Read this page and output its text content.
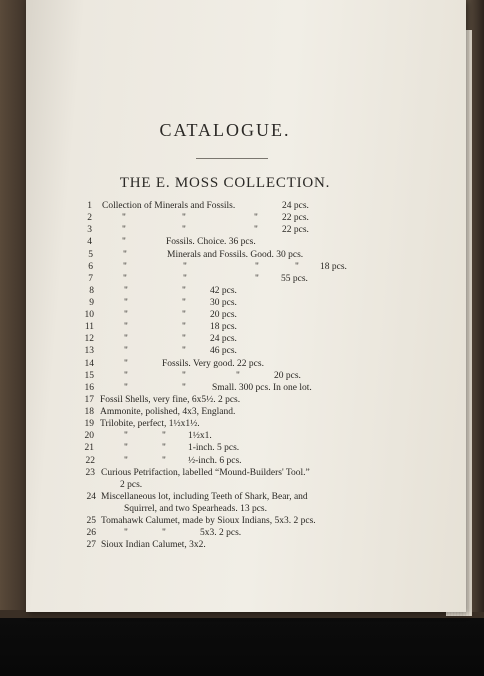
CATALOGUE.
THE E. MOSS COLLECTION.
1 Collection of Minerals and Fossils.	24 pcs.
2	"	"	"	22 pcs.
3	"	"	"	22 pcs.
4	"	Fossils. Choice. 36 pcs.
5	"	Minerals and Fossils. Good. 30 pcs.
6	"	"	"	" 18 pcs.
7	"	"	" 55 pcs.
8	"	"	42 pcs.
9	"	"	30 pcs.
10	"	"	20 pcs.
11	"	"	18 pcs.
12	"	"	24 pcs.
13	"	"	46 pcs.
14	"	Fossils. Very good. 22 pcs.
15	"	"	"	20 pcs.
16	"	"	Small. 300 pcs. In one lot.
17 Fossil Shells, very fine, 6x5½. 2 pcs.
18 Ammonite, polished, 4x3, England.
19 Trilobite, perfect, 1½x1½.
20	"	" 1½x1.
21	"	" 1-inch. 5 pcs.
22	"	" ½-inch. 6 pcs.
23 Curious Petrifaction, labelled “Mound-Builders' Tool.”
2 pcs.
24 Miscellaneous lot, including Teeth of Shark, Bear, and
Squirrel, and two Spearheads. 13 pcs.
25 Tomahawk Calumet, made by Sioux Indians, 5x3. 2 pcs.
26	"	"	5x3. 2 pcs.
27 Sioux Indian Calumet, 3x2.
